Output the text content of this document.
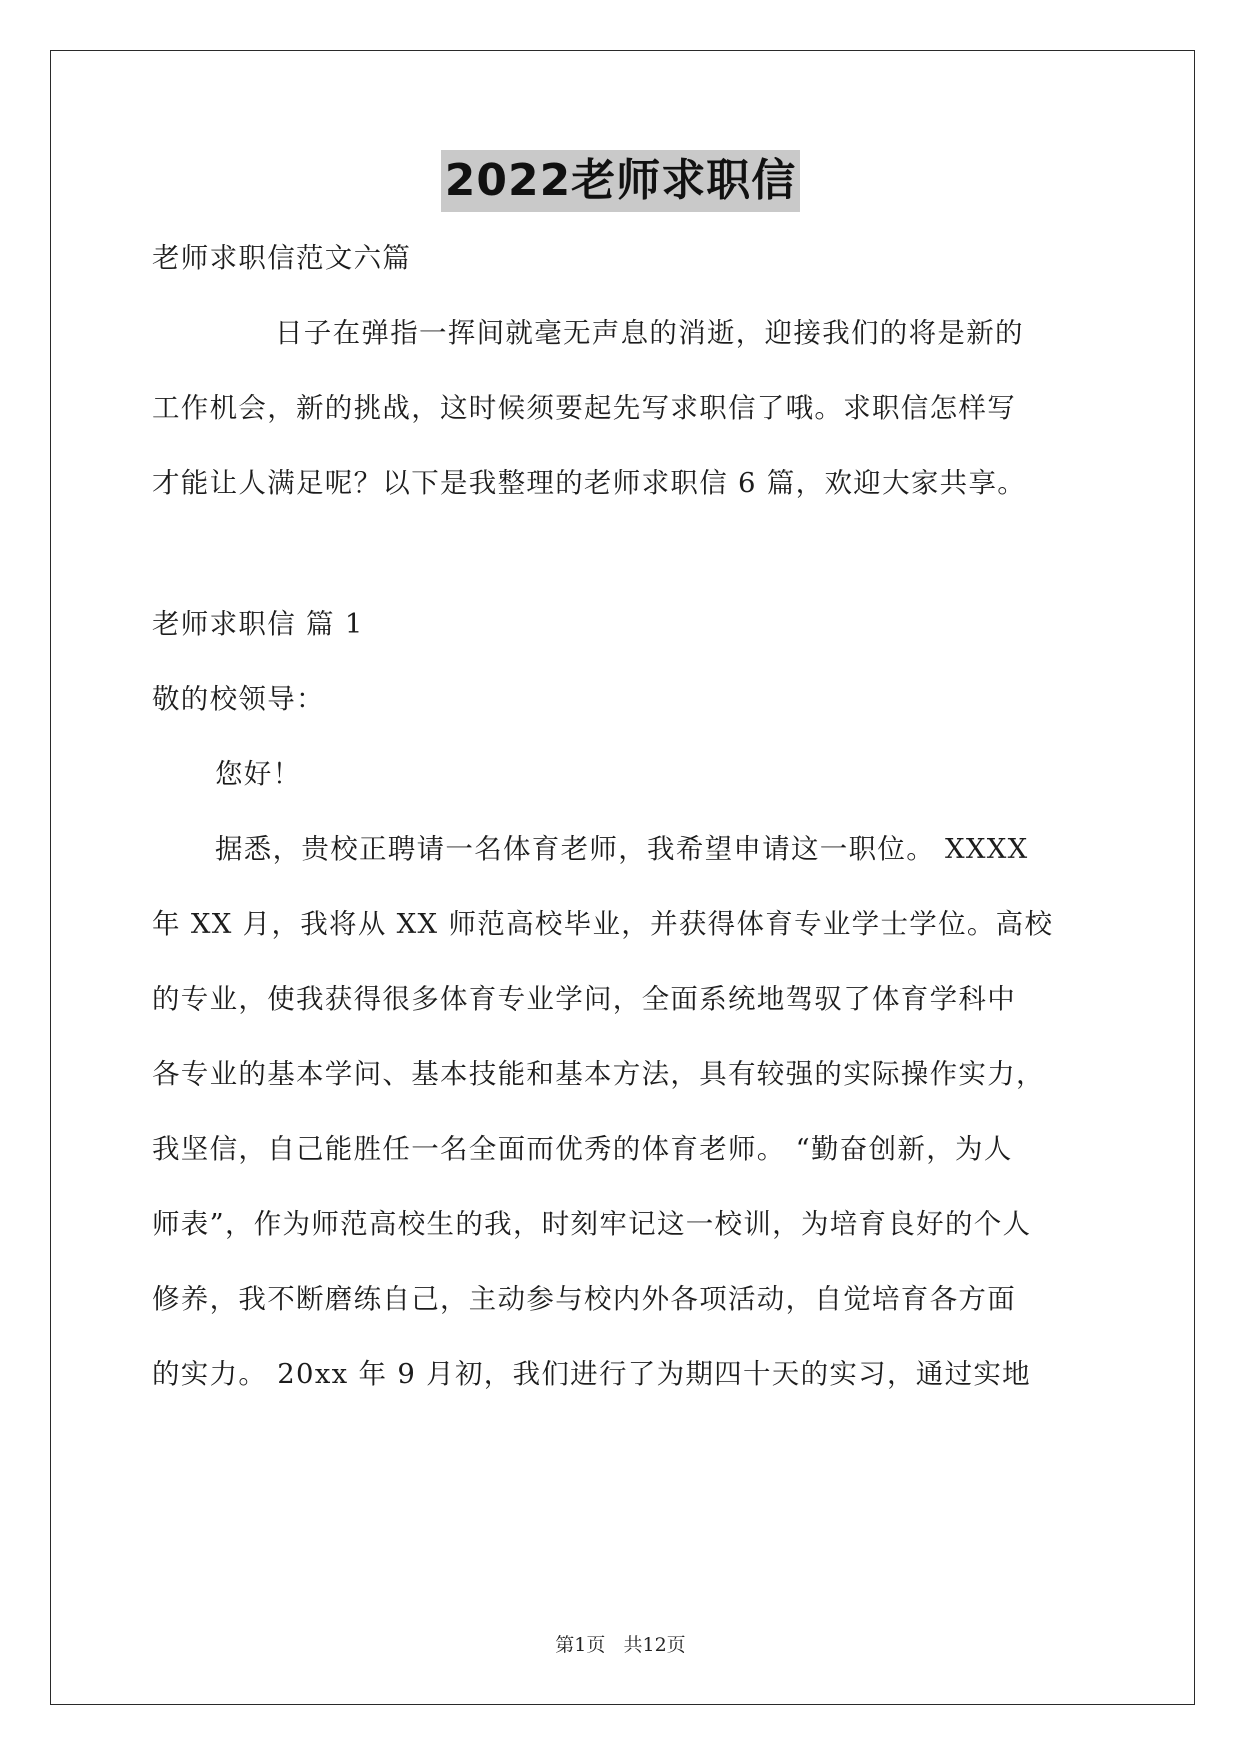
2022老师求职信
老师求职信范文六篇
日子在弹指一挥间就毫无声息的消逝，迎接我们的将是新的
工作机会，新的挑战，这时候须要起先写求职信了哦。求职信怎样写
才能让人满足呢？以下是我整理的老师求职信 6 篇，欢迎大家共享。
老师求职信 篇 1
敬的校领导：
您好！
据悉，贵校正聘请一名体育老师，我希望申请这一职位。 XXXX
年 XX 月，我将从 XX 师范高校毕业，并获得体育专业学士学位。高校
的专业，使我获得很多体育专业学问，全面系统地驾驭了体育学科中
各专业的基本学问、基本技能和基本方法，具有较强的实际操作实力，
我坚信，自己能胜任一名全面而优秀的体育老师。 “勤奋创新，为人
师表”，作为师范高校生的我，时刻牢记这一校训，为培育良好的个人
修养，我不断磨练自己，主动参与校内外各项活动，自觉培育各方面
的实力。 20xx 年 9 月初，我们进行了为期四十天的实习，通过实地
第1页   共12页
